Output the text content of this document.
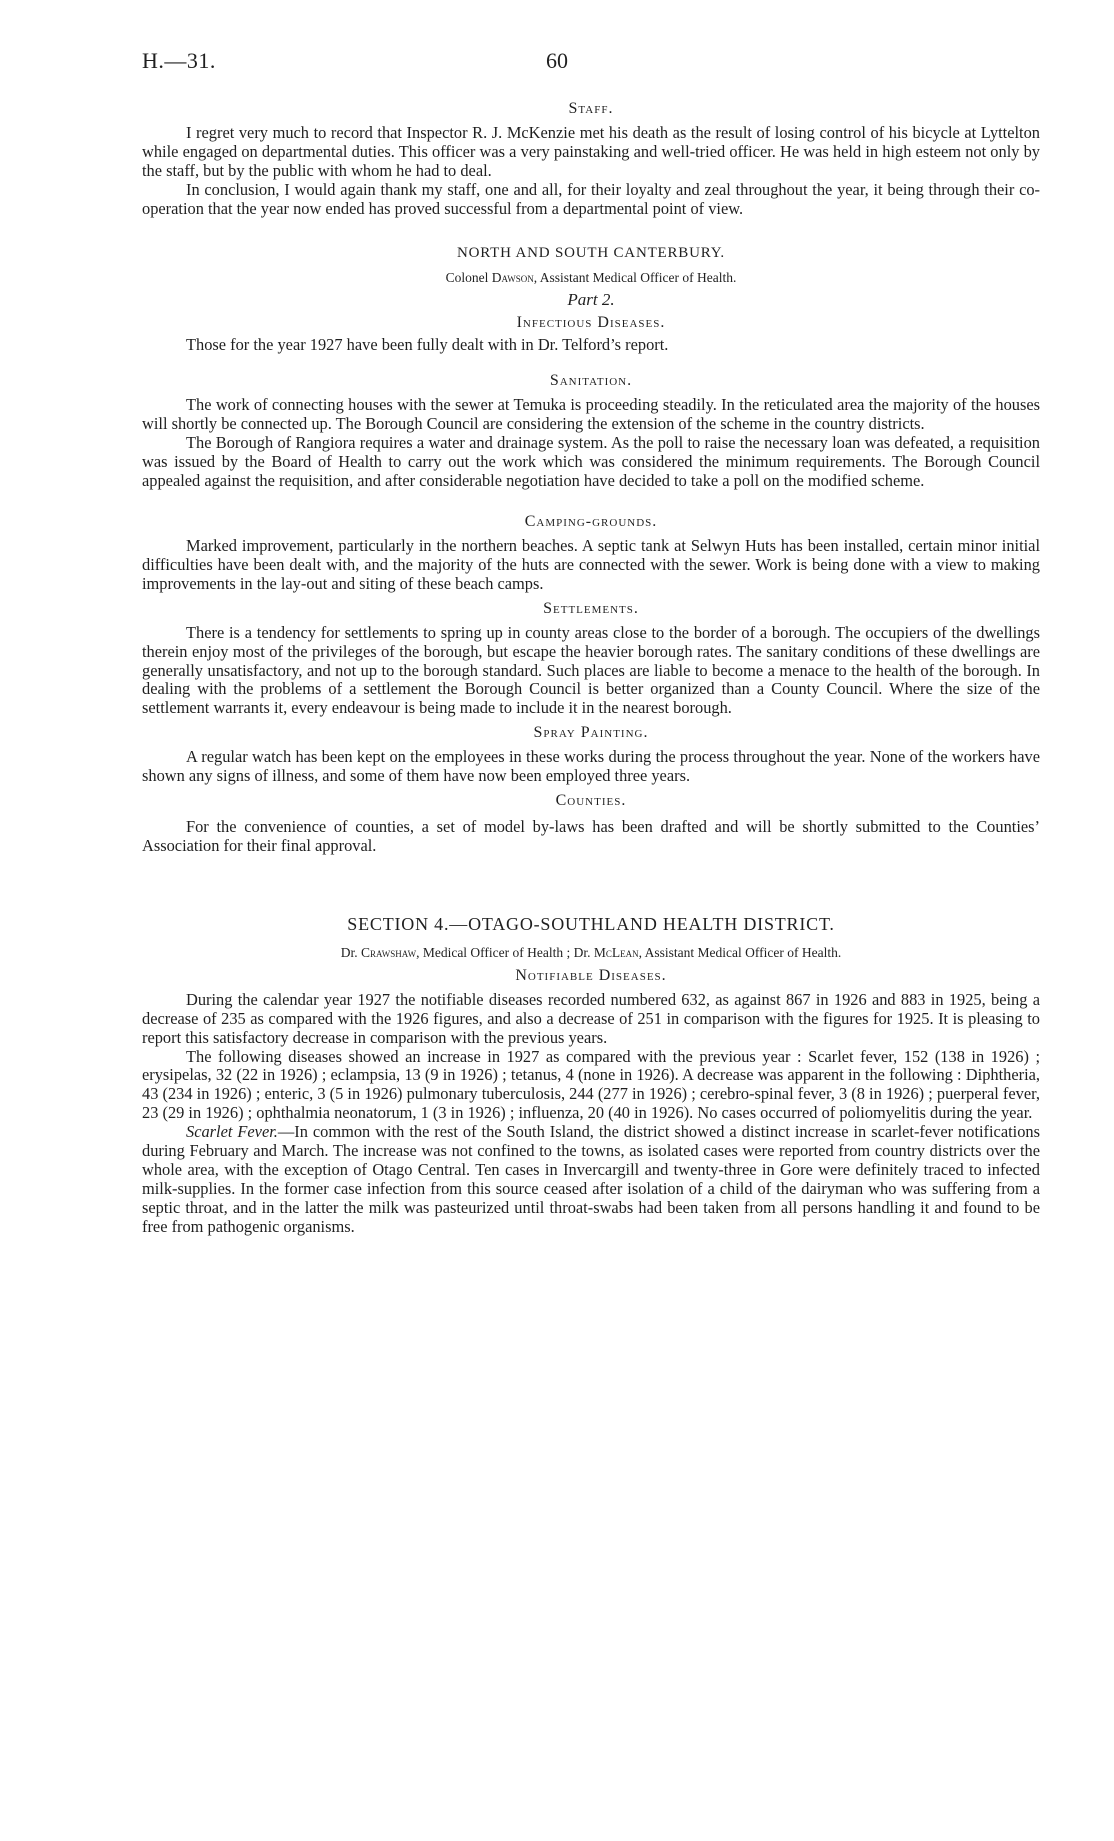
H.—31.	60
Staff.

I regret very much to record that Inspector R. J. McKenzie met his death as the result of losing control of his bicycle at Lyttelton while engaged on departmental duties. This officer was a very painstaking and well-tried officer. He was held in high esteem not only by the staff, but by the public with whom he had to deal.

In conclusion, I would again thank my staff, one and all, for their loyalty and zeal throughout the year, it being through their co-operation that the year now ended has proved successful from a departmental point of view.

NORTH AND SOUTH CANTERBURY.
Colonel Dawson, Assistant Medical Officer of Health.
Part 2.
Infectious Diseases.

Those for the year 1927 have been fully dealt with in Dr. Telford’s report.

Sanitation.

The work of connecting houses with the sewer at Temuka is proceeding steadily. In the reticulated area the majority of the houses will shortly be connected up. The Borough Council are considering the extension of the scheme in the country districts.

The Borough of Rangiora requires a water and drainage system. As the poll to raise the necessary loan was defeated, a requisition was issued by the Board of Health to carry out the work which was considered the minimum requirements. The Borough Council appealed against the requisition, and after considerable negotiation have decided to take a poll on the modified scheme.

Camping-grounds.

Marked improvement, particularly in the northern beaches. A septic tank at Selwyn Huts has been installed, certain minor initial difficulties have been dealt with, and the majority of the huts are connected with the sewer. Work is being done with a view to making improvements in the lay-out and siting of these beach camps.

Settlements.

There is a tendency for settlements to spring up in county areas close to the border of a borough. The occupiers of the dwellings therein enjoy most of the privileges of the borough, but escape the heavier borough rates. The sanitary conditions of these dwellings are generally unsatisfactory, and not up to the borough standard. Such places are liable to become a menace to the health of the borough. In dealing with the problems of a settlement the Borough Council is better organized than a County Council. Where the size of the settlement warrants it, every endeavour is being made to include it in the nearest borough.

Spray Painting.

A regular watch has been kept on the employees in these works during the process throughout the year. None of the workers have shown any signs of illness, and some of them have now been employed three years.

Counties.

For the convenience of counties, a set of model by-laws has been drafted and will be shortly submitted to the Counties’ Association for their final approval.

SECTION 4.—OTAGO-SOUTHLAND HEALTH DISTRICT.
Dr. Crawshaw, Medical Officer of Health ; Dr. McLean, Assistant Medical Officer of Health.
Notifiable Diseases.

During the calendar year 1927 the notifiable diseases recorded numbered 632, as against 867 in 1926 and 883 in 1925, being a decrease of 235 as compared with the 1926 figures, and also a decrease of 251 in comparison with the figures for 1925. It is pleasing to report this satisfactory decrease in comparison with the previous years.

The following diseases showed an increase in 1927 as compared with the previous year : Scarlet fever, 152 (138 in 1926) ; erysipelas, 32 (22 in 1926) ; eclampsia, 13 (9 in 1926) ; tetanus, 4 (none in 1926). A decrease was apparent in the following : Diphtheria, 43 (234 in 1926) ; enteric, 3 (5 in 1926) pulmonary tuberculosis, 244 (277 in 1926) ; cerebro-spinal fever, 3 (8 in 1926) ; puerperal fever, 23 (29 in 1926) ; ophthalmia neonatorum, 1 (3 in 1926) ; influenza, 20 (40 in 1926). No cases occurred of poliomyelitis during the year.

Scarlet Fever.—In common with the rest of the South Island, the district showed a distinct increase in scarlet-fever notifications during February and March. The increase was not confined to the towns, as isolated cases were reported from country districts over the whole area, with the exception of Otago Central. Ten cases in Invercargill and twenty-three in Gore were definitely traced to infected milk-supplies. In the former case infection from this source ceased after isolation of a child of the dairyman who was suffering from a septic throat, and in the latter the milk was pasteurized until throat-swabs had been taken from all persons handling it and found to be free from pathogenic organisms.
